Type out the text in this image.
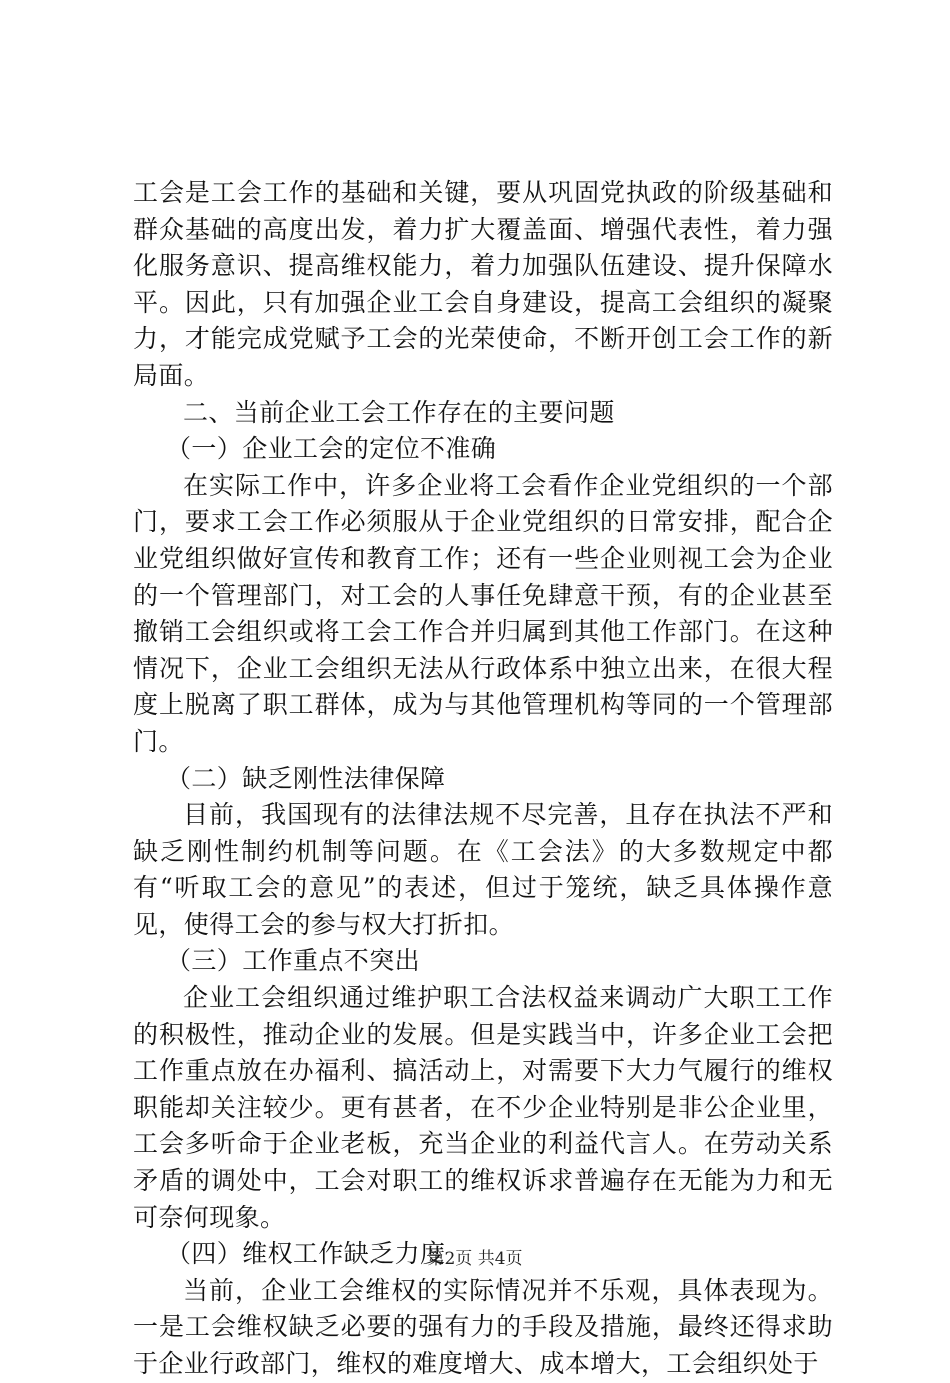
工会是工会工作的基础和关键，要从巩固党执政的阶级基础和群众基础的高度出发，着力扩大覆盖面、增强代表性，着力强化服务意识、提高维权能力，着力加强队伍建设、提升保障水平。因此，只有加强企业工会自身建设，提高工会组织的凝聚力，才能完成党赋予工会的光荣使命，不断开创工会工作的新局面。

二、当前企业工会工作存在的主要问题

（一）企业工会的定位不准确

在实际工作中，许多企业将工会看作企业党组织的一个部门，要求工会工作必须服从于企业党组织的日常安排，配合企业党组织做好宣传和教育工作；还有一些企业则视工会为企业的一个管理部门，对工会的人事任免肆意干预，有的企业甚至撤销工会组织或将工会工作合并归属到其他工作部门。在这种情况下，企业工会组织无法从行政体系中独立出来，在很大程度上脱离了职工群体，成为与其他管理机构等同的一个管理部门。

（二）缺乏刚性法律保障

目前，我国现有的法律法规不尽完善，且存在执法不严和缺乏刚性制约机制等问题。在《工会法》的大多数规定中都有“听取工会的意见”的表述，但过于笼统，缺乏具体操作意见，使得工会的参与权大打折扣。

（三）工作重点不突出

企业工会组织通过维护职工合法权益来调动广大职工工作的积极性，推动企业的发展。但是实践当中，许多企业工会把工作重点放在办福利、搞活动上，对需要下大力气履行的维权职能却关注较少。更有甚者，在不少企业特别是非公企业里，工会多听命于企业老板，充当企业的利益代言人。在劳动关系矛盾的调处中，工会对职工的维权诉求普遍存在无能为力和无可奈何现象。

（四）维权工作缺乏力度

当前，企业工会维权的实际情况并不乐观，具体表现为。一是工会维权缺乏必要的强有力的手段及措施，最终还得求助于企业行政部门，维权的难度增大、成本增大，工会组织处于

第2页 共4页
